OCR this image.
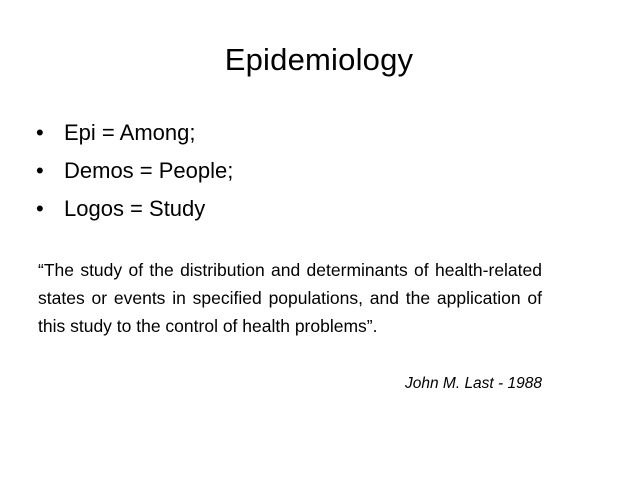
Epidemiology
• Epi = Among;
• Demos = People;
• Logos = Study

“The study of the distribution and determinants of health-related states or events in specified populations, and the application of this study to the control of health problems”.

John M. Last - 1988
